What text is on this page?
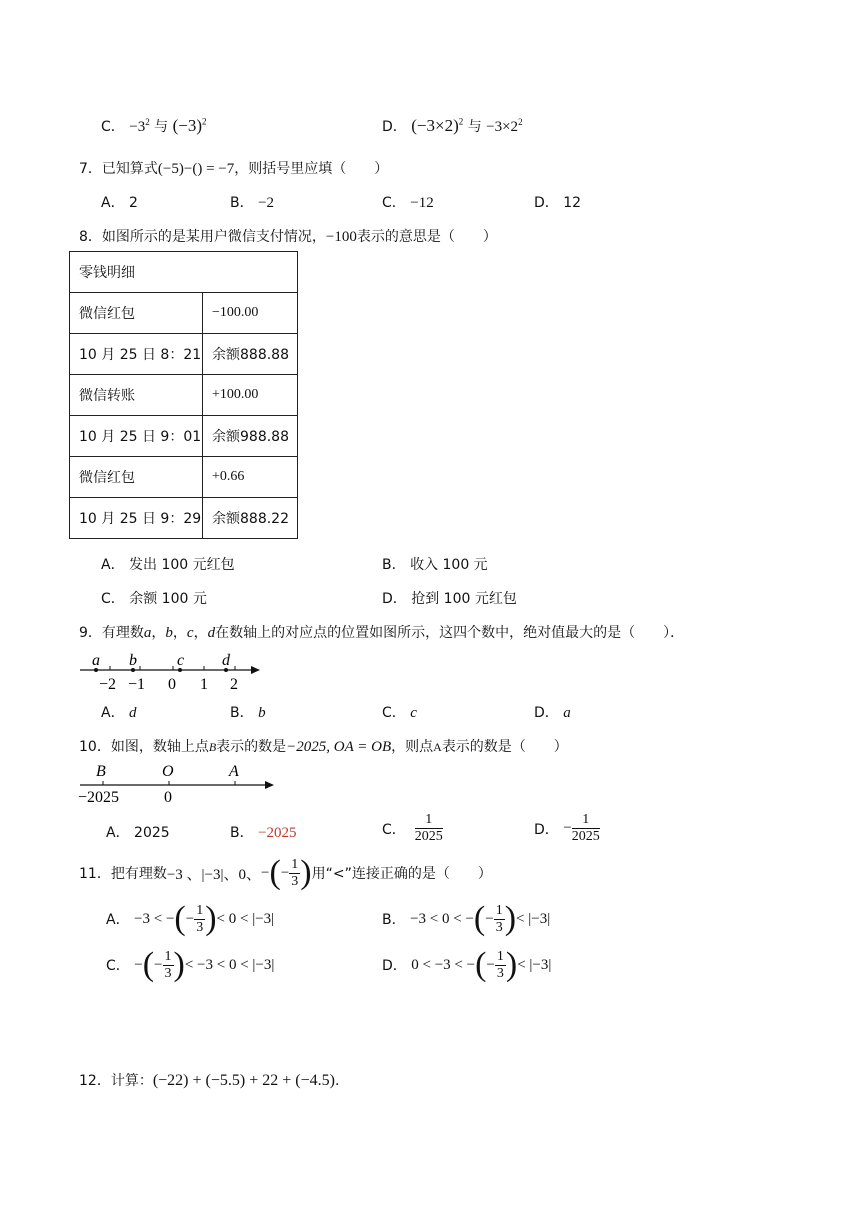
C． $-3^2$ 与 $(-3)^2$	D． $(-3\times 2)^2$ 与 $-3\times 2^2$
7．已知算式(−5)−() = −7，则括号里应填（　　）
A． 2	B． −2	C． −12	D． 12
8．如图所示的是某用户微信支付情况，−100表示的意思是（　　）
零钱明细	
微信红包	−100.00
10 月 25 日 8：21	余额888.88
微信转账	+100.00
10 月 25 日 9：01	余额988.88
微信红包	+0.66
10 月 25 日 9：29	余额888.22
A． 发出 100 元红包	B． 收入 100 元
C． 余额 100 元	D． 抢到 100 元红包
9．有理数a，b，c，d在数轴上的对应点的位置如图所示，这四个数中，绝对值最大的是（　　）．
a b	c d
−2 −1 0 1 2
A． d	B． b	C． c	D． a
10．如图，数轴上点B表示的数是−2025, OA = OB，则点A表示的数是（　　）
B	O	A
−2025	0
A． 2025	B． −2025	C．
$\frac{1}{2025}$	D．
− $\frac{1}{2025}$
11．把有理数 −3 、|−3|、0、 − ( − $\frac{1}{3}$ ) 用“<”连接正确的是（　　）
A．
−3 < − ( − $\frac{1}{3}$ ) < 0 < |−3|	B．
−3 < 0 < − ( − $\frac{1}{3}$ ) < |−3|
C．
− ( − $\frac{1}{3}$ ) < −3 < 0 < |−3|	D．
0 < −3 < − ( − $\frac{1}{3}$ ) < |−3|
12．计算：(−22) + (−5.5) + 22 + (−4.5).
